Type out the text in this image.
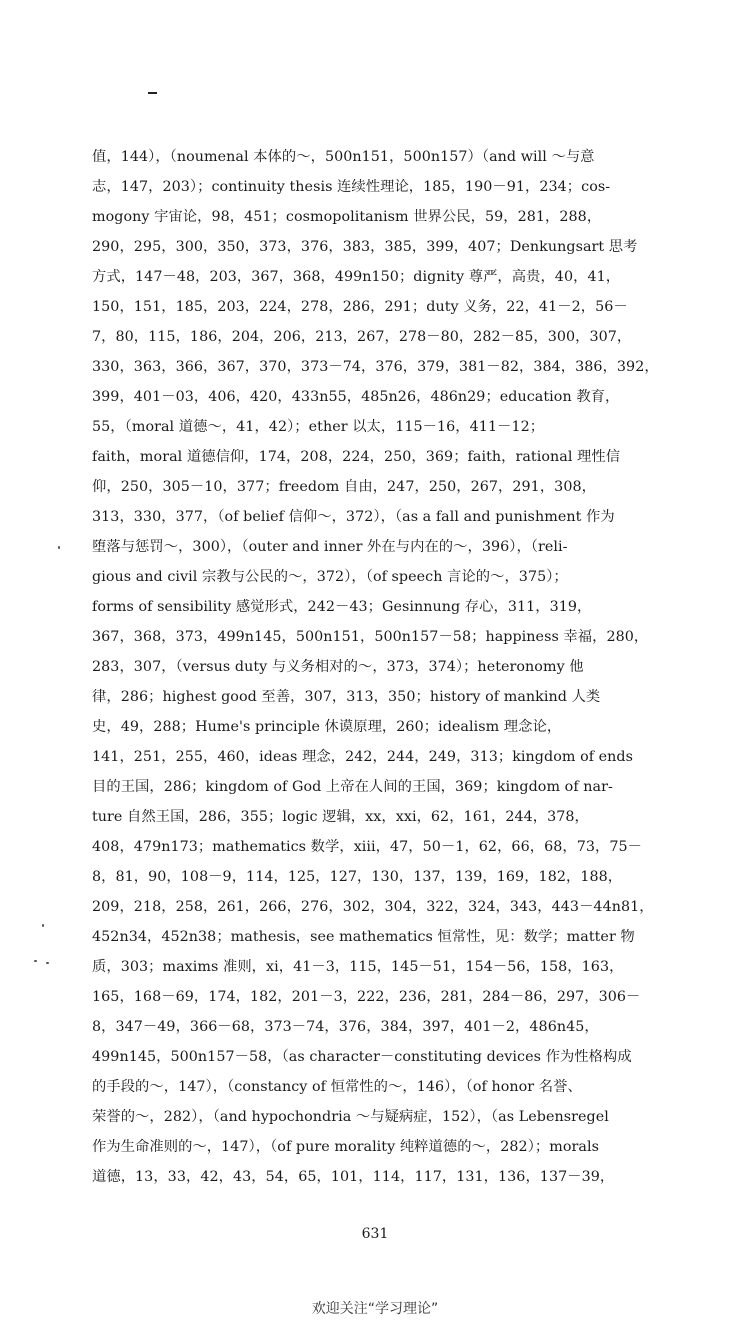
值，144），（noumenal 本体的～，500n151，500n157）（and will ～与意
志，147，203）；continuity thesis 连续性理论，185，190－91，234；cos-
mogony 宇宙论，98，451；cosmopolitanism 世界公民，59，281，288，
290，295，300，350，373，376，383，385，399，407；Denkungsart 思考
方式，147－48，203，367，368，499n150；dignity 尊严，高贵，40，41，
150，151，185，203，224，278，286，291；duty 义务，22，41－2，56－
7，80，115，186，204，206，213，267，278－80，282－85，300，307，
330，363，366，367，370，373－74，376，379，381－82，384，386，392，
399，401－03，406，420，433n55，485n26，486n29；education 教育，
55，（moral 道德～，41，42）；ether 以太，115－16，411－12；
faith，moral 道德信仰，174，208，224，250，369；faith，rational 理性信
仰，250，305－10，377；freedom 自由，247，250，267，291，308，
313，330，377，（of belief 信仰～，372），（as a fall and punishment 作为
堕落与惩罚～，300），（outer and inner 外在与内在的～，396），（reli-
gious and civil 宗教与公民的～，372），（of speech 言论的～，375）；
forms of sensibility 感觉形式，242－43；Gesinnung 存心，311，319，
367，368，373，499n145，500n151，500n157－58；happiness 幸福，280，
283，307，（versus duty 与义务相对的～，373，374）；heteronomy 他
律，286；highest good 至善，307，313，350；history of mankind 人类
史，49，288；Hume's principle 休谟原理，260；idealism 理念论，
141，251，255，460，ideas 理念，242，244，249，313；kingdom of ends
目的王国，286；kingdom of God 上帝在人间的王国，369；kingdom of nar-
ture 自然王国，286，355；logic 逻辑，xx，xxi，62，161，244，378，
408，479n173；mathematics 数学，xiii，47，50－1，62，66，68，73，75－
8，81，90，108－9，114，125，127，130，137，139，169，182，188，
209，218，258，261，266，276，302，304，322，324，343，443－44n81，
452n34，452n38；mathesis，see mathematics 恒常性，见：数学；matter 物
质，303；maxims 准则，xi，41－3，115，145－51，154－56，158，163，
165，168－69，174，182，201－3，222，236，281，284－86，297，306－
8，347－49，366－68，373－74，376，384，397，401－2，486n45，
499n145，500n157－58，（as character－constituting devices 作为性格构成
的手段的～，147），（constancy of 恒常性的～，146），（of honor 名誉、
荣誉的～，282），（and hypochondria ～与疑病症，152），（as Lebensregel
作为生命准则的～，147），（of pure morality 纯粹道德的～，282）；morals
道德，13，33，42，43，54，65，101，114，117，131，136，137－39，
631
欢迎关注“学习理论”
